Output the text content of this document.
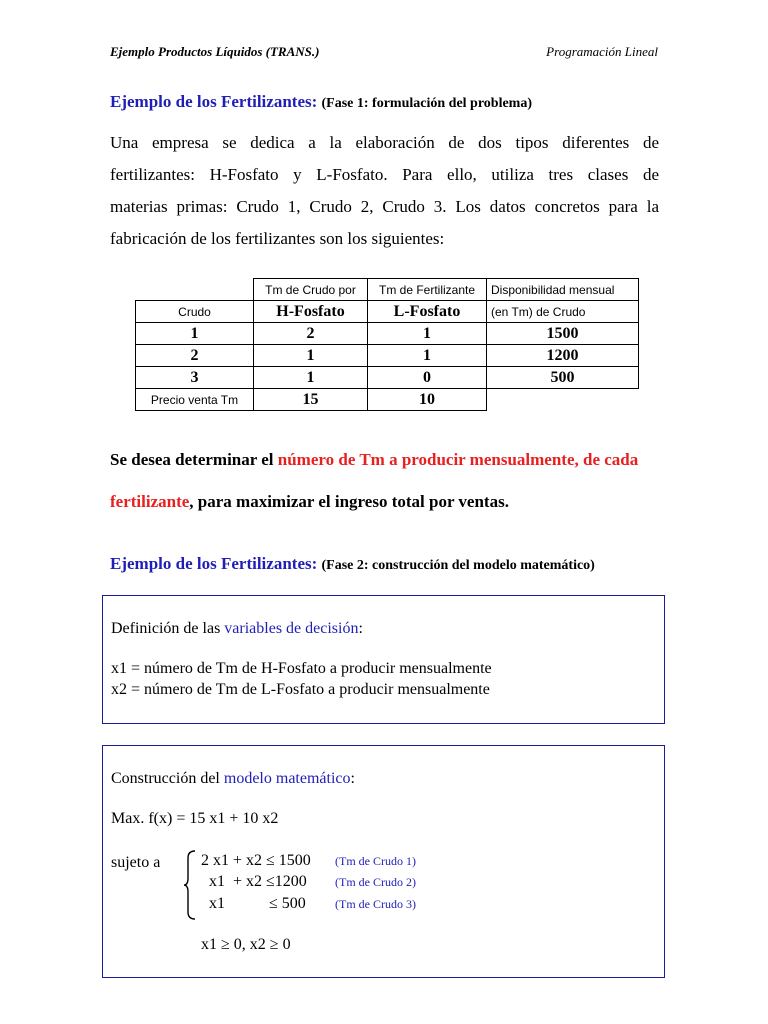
Ejemplo Productos Líquidos (TRANS.)	Programación Lineal
Ejemplo de los Fertilizantes: (Fase 1: formulación del problema)
Una empresa se dedica a la elaboración de dos tipos diferentes de
fertilizantes: H-Fosfato y L-Fosfato. Para ello, utiliza tres clases de
materias primas: Crudo 1, Crudo 2, Crudo 3. Los datos concretos para la
fabricación de los fertilizantes son los siguientes:
	Tm de Crudo por	Tm de Fertilizante	Disponibilidad mensual
Crudo	H-Fosfato	L-Fosfato	(en Tm) de Crudo
1	2	1	1500
2	1	1	1200
3	1	0	500
Precio venta Tm	15	10	
Se desea determinar el número de Tm a producir mensualmente, de cada
fertilizante, para maximizar el ingreso total por ventas.
Ejemplo de los Fertilizantes: (Fase 2: construcción del modelo matemático)
Definición de las variables de decisión:
x1 = número de Tm de H-Fosfato a producir mensualmente
x2 = número de Tm de L-Fosfato a producir mensualmente
Construcción del modelo matemático:
Max. f(x) = 15 x1 + 10 x2
sujeto a	2 x1 + x2 ≤ 1500 (Tm de Crudo 1)
x1  + x2 ≤1200 (Tm de Crudo 2)
x1           ≤ 500 (Tm de Crudo 3)
x1 ≥ 0, x2 ≥ 0
